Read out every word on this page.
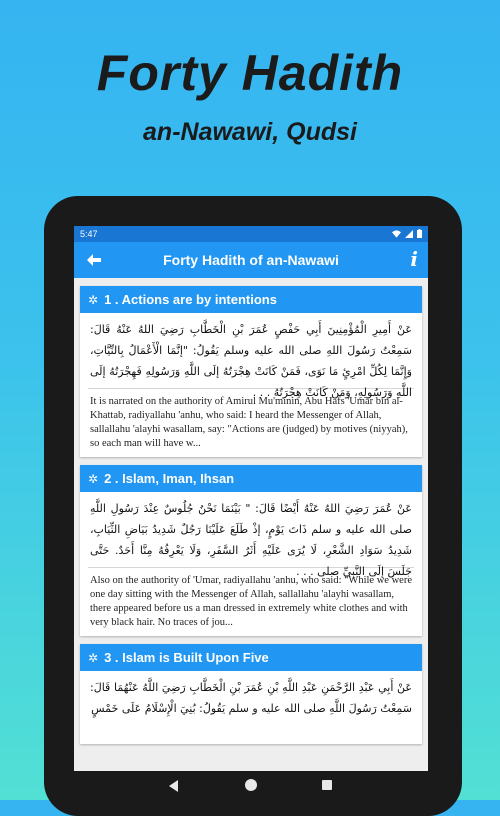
Forty Hadith
an-Nawawi, Qudsi
5:47
Forty Hadith of an-Nawawi	i
✲ 1 . Actions are by intentions
عَنْ أَمِيرِ الْمُؤْمِنِينَ أَبِي حَفْصٍ عُمَرَ بْنِ الْخَطَّابِ رَضِيَ اللهُ عَنْهُ قَالَ: سَمِعْتُ رَسُولَ اللهِ صلى الله عليه وسلم يَقُولُ: "إنَّمَا الْأَعْمَالُ بِالنِّيَّاتِ، وَإِنَّمَا لِكُلِّ امْرِئٍ مَا نَوَى، فَمَنْ كَانَتْ هِجْرَتُهُ إلَى اللَّهِ وَرَسُولِهِ فَهِجْرَتُهُ إلَى اللَّهِ وَرَسُولِهِ، وَمَنْ كَانَتْ هِجْرَتُهُ . . .
It is narrated on the authority of Amirul Mu'minin, Abu Hafs 'Umar bin al-Khattab, radiyallahu 'anhu, who said: I heard the Messenger of Allah, sallallahu 'alayhi wasallam, say: "Actions are (judged) by motives (niyyah), so each man will have w...
✲ 2 . Islam, Iman, Ihsan
عَنْ عُمَرَ رَضِيَ اللهُ عَنْهُ أَيْضًا قَالَ: " بَيْنَمَا نَحْنُ جُلُوسٌ عِنْدَ رَسُولِ اللَّهِ صلى الله عليه و سلم ذَاتَ يَوْمٍ، إذْ طَلَعَ عَلَيْنَا رَجُلٌ شَدِيدُ بَيَاضِ الثِّيَابِ، شَدِيدُ سَوَادِ الشَّعْرِ، لَا يُرَى عَلَيْهِ أَثَرُ السَّفَرِ، وَلَا يَعْرِفُهُ مِنَّا أَحَدٌ. حَتَّى جَلَسَ إلَى النَّبِيِّ صلى . . .
Also on the authority of 'Umar, radiyallahu 'anhu, who said: "While we were one day sitting with the Messenger of Allah, sallallahu 'alayhi wasallam, there appeared before us a man dressed in extremely white clothes and with very black hair. No traces of jou...
✲ 3 . Islam is Built Upon Five
عَنْ أَبِي عَبْدِ الرَّحْمَنِ عَبْدِ اللَّهِ بْنِ عُمَرَ بْنِ الْخَطَّابِ رَضِيَ اللَّهُ عَنْهُمَا قَالَ: سَمِعْتُ رَسُولَ اللَّهِ صلى الله عليه و سلم يَقُولُ: بُنِيَ الْإِسْلَامُ عَلَى خَمْسٍ
